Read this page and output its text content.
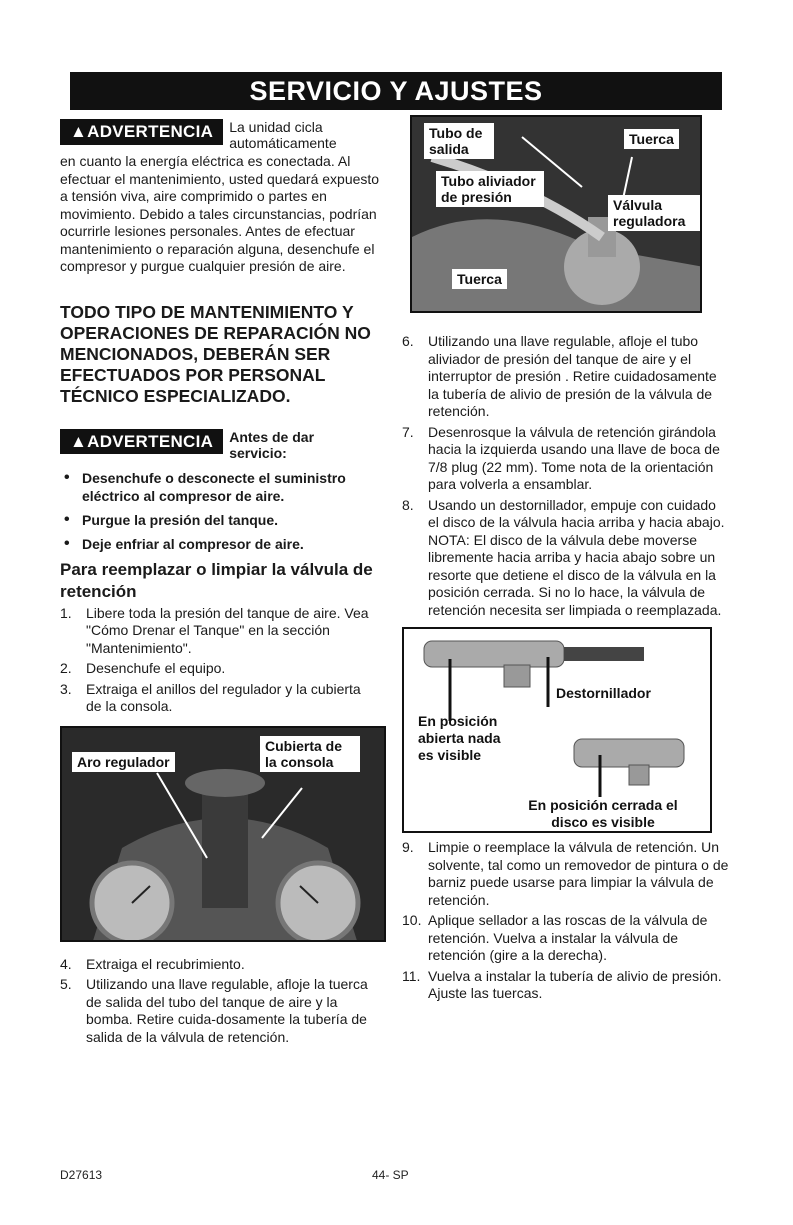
SERVICIO Y AJUSTES
▲ADVERTENCIA	La unidad cicla automáticamente
en cuanto la energía eléctrica es conectada. Al efectuar el mantenimiento, usted quedará expuesto a tensión viva, aire comprimido o partes en movimiento. Debido a tales circunstancias, podrían ocurrirle lesiones personales. Antes de efectuar mantenimiento o reparación alguna, desenchufe el compresor y purgue cualquier presión de aire.
TODO TIPO DE MANTENIMIENTO Y OPERACIONES DE REPARACIÓN NO MENCIONADOS, DEBERÁN SER EFECTUADOS POR PERSONAL TÉCNICO ESPECIALIZADO.
▲ADVERTENCIA	Antes de dar servicio:
• Desenchufe o desconecte el suministro eléctrico al compresor de aire.
• Purgue la presión del tanque.
• Deje enfriar al compresor de aire.
Para reemplazar o limpiar la válvula de retención
1.	Libere toda la presión del tanque de aire. Vea "Cómo Drenar el Tanque" en la sección "Mantenimiento".
2.	Desenchufe el equipo.
3.	Extraiga el anillos del regulador y la cubierta de la consola.
Aro regulador
Cubierta de la consola
4.	Extraiga el recubrimiento.
5.	Utilizando una llave regulable, afloje la tuerca de salida del tubo del tanque de aire y la bomba. Retire cuida-dosamente la tubería de salida de la válvula de retención.
Tubo de salida
Tuerca
Tubo aliviador de presión	Válvula reguladora
Tuerca
6.	Utilizando una llave regulable, afloje el tubo aliviador de presión del tanque de aire y el interruptor de presión . Retire cuidadosamente la tubería de alivio de presión de la válvula de retención.
7.	Desenrosque la válvula de retención girándola hacia la izquierda usando una llave de boca de 7/8 plug (22 mm). Tome nota de la orientación para volverla a ensamblar.
8.	Usando un destornillador, empuje con cuidado el disco de la válvula hacia arriba y hacia abajo. NOTA: El disco de la válvula debe moverse libremente hacia arriba y hacia abajo sobre un resorte que detiene el disco de la válvula en la posición cerrada. Si no lo hace, la válvula de retención necesita ser limpiada o reemplazada.
Destornillador
En posición abierta nada es visible
En posición cerrada el disco es visible
9.	Limpie o reemplace la válvula de retención. Un solvente, tal como un removedor de pintura o de barniz puede usarse para limpiar la válvula de retención.
10. Aplique sellador a las roscas de la válvula de retención. Vuelva a instalar la válvula de retención (gire a la derecha).
11. Vuelva a instalar la tubería de alivio de presión. Ajuste las tuercas.
D27613	44- SP
